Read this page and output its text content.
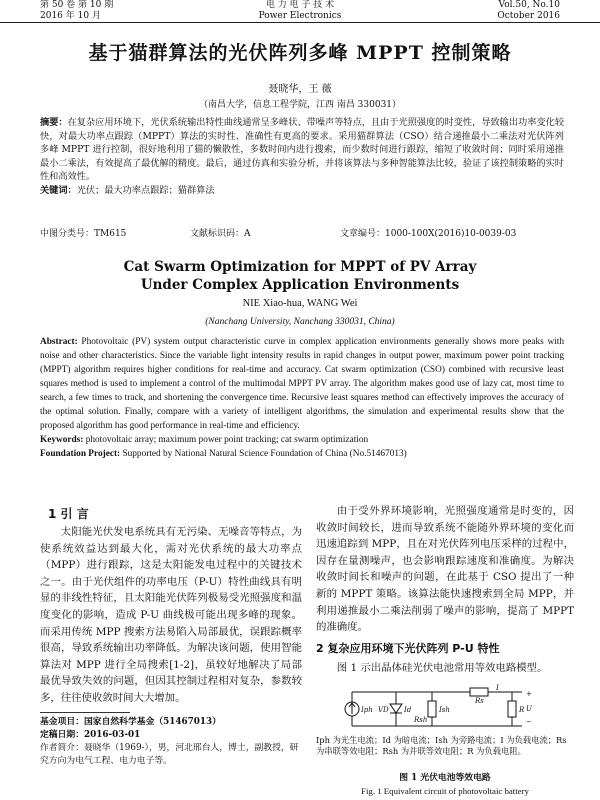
第 50 卷 第 10 期
2016 年 10 月
电 力 电 子 技 术
Power Electronics
Vol.50, No.10
October 2016
基于猫群算法的光伏阵列多峰 MPPT 控制策略
聂晓华，王 薇
（南昌大学，信息工程学院，江西 南昌 330031）
摘要：在复杂应用环境下，光伏系统输出特性曲线通常呈多峰状、带噪声等特点，且由于光照强度的时变性，导致输出功率变化较快，对最大功率点跟踪（MPPT）算法的实时性、准确性有更高的要求。采用猫群算法（CSO）结合递推最小二乘法对光伏阵列多峰 MPPT 进行控制，很好地利用了猫的懒散性，多数时间内进行搜索，而少数时间进行跟踪，缩短了收敛时间；同时采用递推最小二乘法，有效提高了最优解的精度。最后，通过仿真和实验分析，并将该算法与多种智能算法比较，验证了该控制策略的实时性和高效性。
关键词：光伏；最大功率点跟踪；猫群算法
中图分类号：TM615	文献标识码：A	文章编号：1000-100X(2016)10-0039-03
Cat Swarm Optimization for MPPT of PV Array
Under Complex Application Environments
NIE Xiao-hua, WANG Wei
(Nanchang University, Nanchang 330031, China)
Abstract: Photovoltaic (PV) system output characteristic curve in complex application environments generally shows more peaks with noise and other characteristics. Since the variable light intensity results in rapid changes in output power, maximum power point tracking (MPPT) algorithm requires higher conditions for real-time and accuracy. Cat swarm optimization (CSO) combined with recursive least squares method is used to implement a control of the multimodal MPPT PV array. The algorithm makes good use of lazy cat, most time to search, a few times to track, and shortening the convergence time. Recursive least squares method can effectively improves the accuracy of the optimal solution. Finally, compare with a variety of intelligent algorithms, the simulation and experimental results show that the proposed algorithm has good performance in real-time and efficiency.
Keywords: photovoltaic array; maximum power point tracking; cat swarm optimization
Foundation Project: Supported by National Natural Science Foundation of China (No.51467013)
1 引 言
太阳能光伏发电系统具有无污染、无噪音等特点，为使系统效益达到最大化，需对光伏系统的最大功率点（MPP）进行跟踪，这是太阳能发电过程中的关键技术之一。由于光伏组件的功率电压（P-U）特性曲线具有明显的非线性特征，且太阳能光伏阵列极易受光照强度和温度变化的影响，造成 P-U 曲线极可能出现多峰的现象。而采用传统 MPP 搜索方法易陷入局部最优，误跟踪概率很高，导致系统输出功率降低。为解决该问题，使用智能算法对 MPP 进行全局搜索[1-2]，虽较好地解决了局部最优导致失效的问题，但因其控制过程相对复杂，参数较多，往往使收敛时间大大增加。
基金项目：国家自然科学基金（51467013）
定稿日期：2016-03-01
作者简介：聂晓华（1969-），男，河北邢台人，博士，副教授，研究方向为电气工程、电力电子等。
由于受外界环境影响，光照强度通常是时变的，因收敛时间较长，进而导致系统不能随外界环境的变化而迅速追踪到 MPP，且在对光伏阵列电压采样的过程中，因存在量测噪声，也会影响跟踪速度和准确度。为解决收敛时间长和噪声的问题，在此基于 CSO 提出了一种新的 MPPT 策略。该算法能快速搜索到全局 MPP，并利用递推最小二乘法削弱了噪声的影响，提高了 MPPT 的准确度。
2 复杂应用环境下光伏阵列 P-U 特性
图 1 示出晶体硅光伏电池常用等效电路模型。
Iph VD Id
Rsh
Ish
Rs
I
R
+
−
U
Iph 为光生电流；Id 为暗电流；Ish 为旁路电流；I 为负载电流；Rs 为串联等效电阻；Rsh 为并联等效电阻；R 为负载电阻。
图 1 光伏电池等效电路
Fig. 1 Equivalent circuit of photovoltaic battery
